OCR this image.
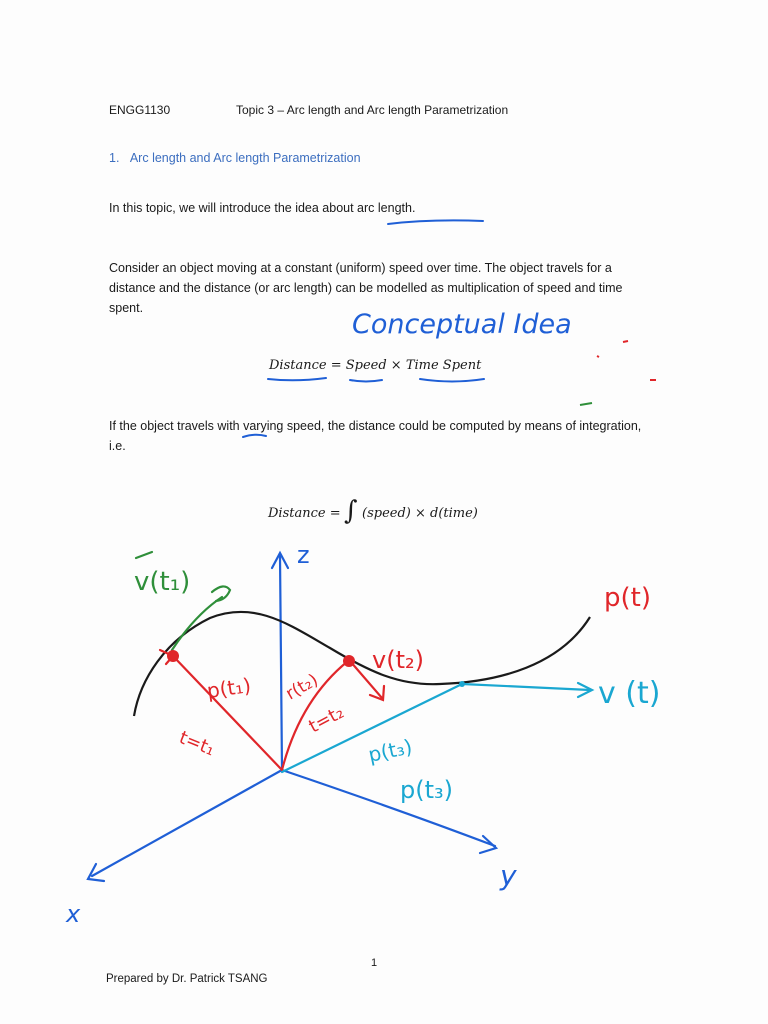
ENGG1130	Topic 3 – Arc length and Arc length Parametrization
1.   Arc length and Arc length Parametrization
In this topic, we will introduce the idea about arc length.
Consider an object moving at a constant (uniform) speed over time. The object travels for a distance and the distance (or arc length) can be modelled as multiplication of speed and time spent.
Distance = Speed × Time Spent
If the object travels with varying speed, the distance could be computed by means of integration, i.e.
Distance = ∫ (speed) × d(time)
Conceptual Idea
z
x
y
v(t₁)
p(t)
v(t₂)
p(t₁) r(t₂)
t=t₁
t=t₂
v (t)
p(t₃)
p(t₃)
1
Prepared by Dr. Patrick TSANG
